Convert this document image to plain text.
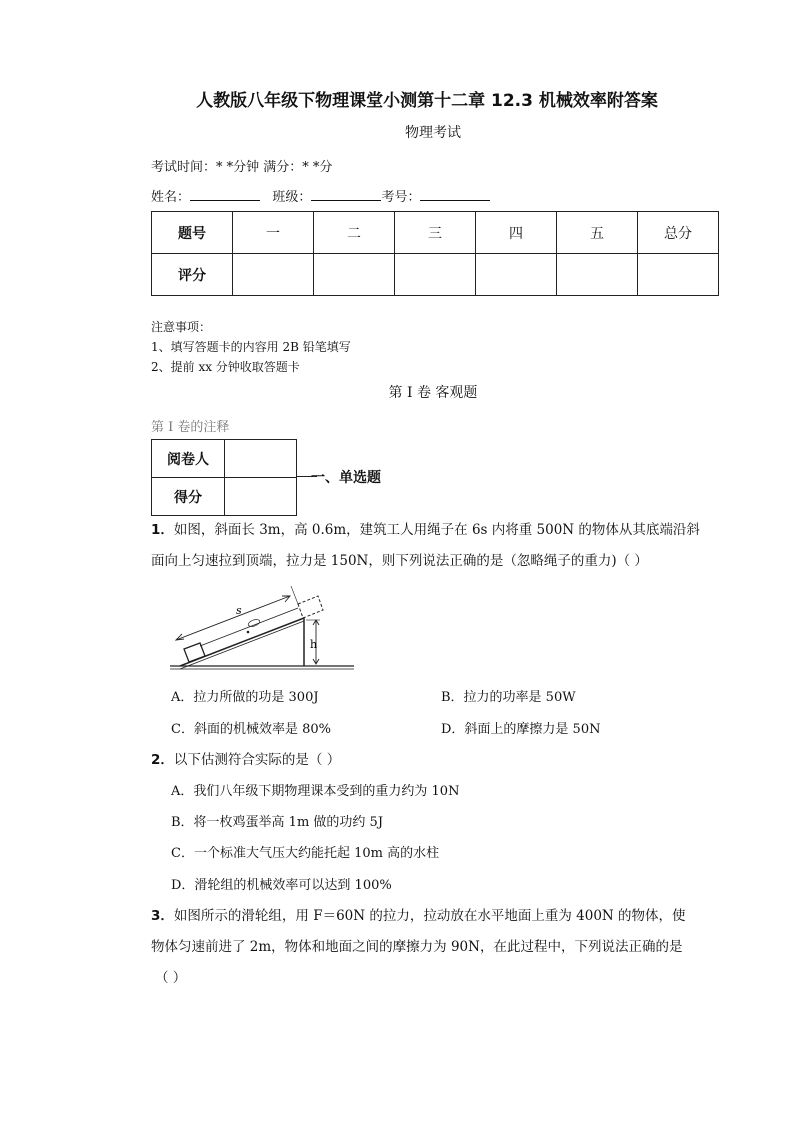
人教版八年级下物理课堂小测第十二章 12.3 机械效率附答案
物理考试
考试时间：* *分钟 满分：* *分
姓名：	班级：	考号：
题号	一	二	三	四	五	总分
评分						
注意事项：
1、填写答题卡的内容用 2B 铅笔填写
2、提前 xx 分钟收取答题卡
第 I 卷 客观题
第 I 卷的注释
阅卷人	
得分	
一、单选题
1．如图，斜面长 3m，高 0.6m，建筑工人用绳子在 6s 内将重 500N 的物体从其底端沿斜
面向上匀速拉到顶端，拉力是 150N，则下列说法正确的是（忽略绳子的重力)（ ）
h
s
A．拉力所做的功是 300J	B．拉力的功率是 50W
C．斜面的机械效率是 80%	D．斜面上的摩擦力是 50N
2．以下估测符合实际的是（ ）
A．我们八年级下期物理课本受到的重力约为 10N
B．将一枚鸡蛋举高 1m 做的功约 5J
C．一个标准大气压大约能托起 10m 高的水柱
D．滑轮组的机械效率可以达到 100%
3．如图所示的滑轮组，用 F＝60N 的拉力，拉动放在水平地面上重为 400N 的物体，使
物体匀速前进了 2m，物体和地面之间的摩擦力为 90N，在此过程中，下列说法正确的是
（ ）
